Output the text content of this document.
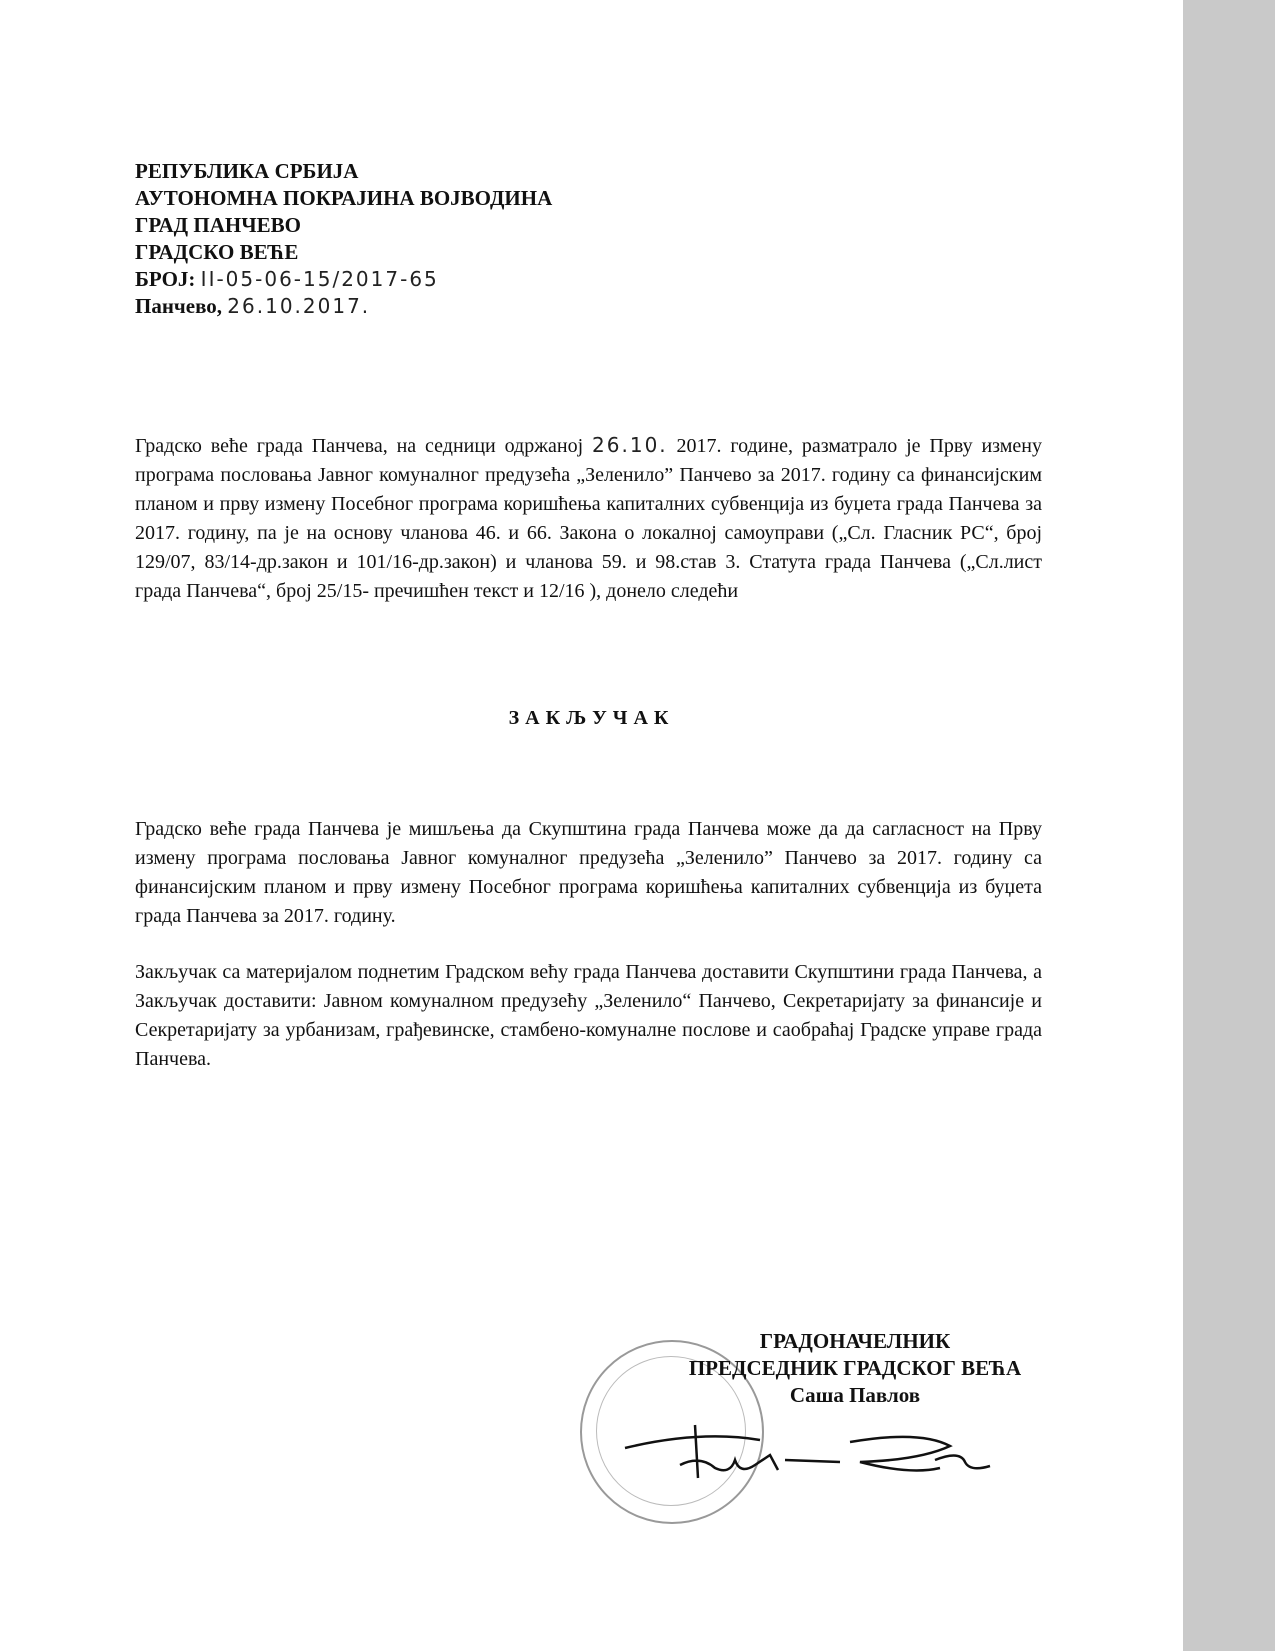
РЕПУБЛИКА СРБИЈА
АУТОНОМНА ПОКРАЈИНА ВОЈВОДИНА
ГРАД ПАНЧЕВО
ГРАДСКО ВЕЋЕ
БРОЈ: II-05-06-15/2017-65
Панчево, 26.10.2017.
Градско веће града Панчева, на седници одржаној 26.10. 2017. године, разматрало је Прву измену програма пословања Јавног комуналног предузећа „Зеленило” Панчево за 2017. годину са финансијским планом и прву измену Посебног програма коришћења капиталних субвенција из буџета града Панчева за 2017. годину, па је на основу чланова 46. и 66. Закона о локалној самоуправи („Сл. Гласник РС“, број 129/07, 83/14-др.закон и 101/16-др.закон) и чланова 59. и 98.став 3. Статута града Панчева („Сл.лист града Панчева“, број 25/15- пречишћен текст и 12/16 ), донело следећи
ЗАКЉУЧАК
Градско веће града Панчева је мишљења да Скупштина града Панчева може да да сагласност на Прву измену програма пословања Јавног комуналног предузећа „Зеленило” Панчево за 2017. годину са финансијским планом и прву измену Посебног програма коришћења капиталних субвенција из буџета града Панчева за 2017. годину.
Закључак са материјалом поднетим Градском већу града Панчева доставити Скупштини града Панчева, а Закључак доставити: Јавном комуналном предузећу „Зеленило“ Панчево, Секретаријату за финансије и Секретаријату за урбанизам, грађевинске, стамбено-комуналне послове и саобраћај Градске управе града Панчева.
ГРАДОНАЧЕЛНИК
ПРЕДСЕДНИК ГРАДСКОГ ВЕЋА
Саша Павлов
